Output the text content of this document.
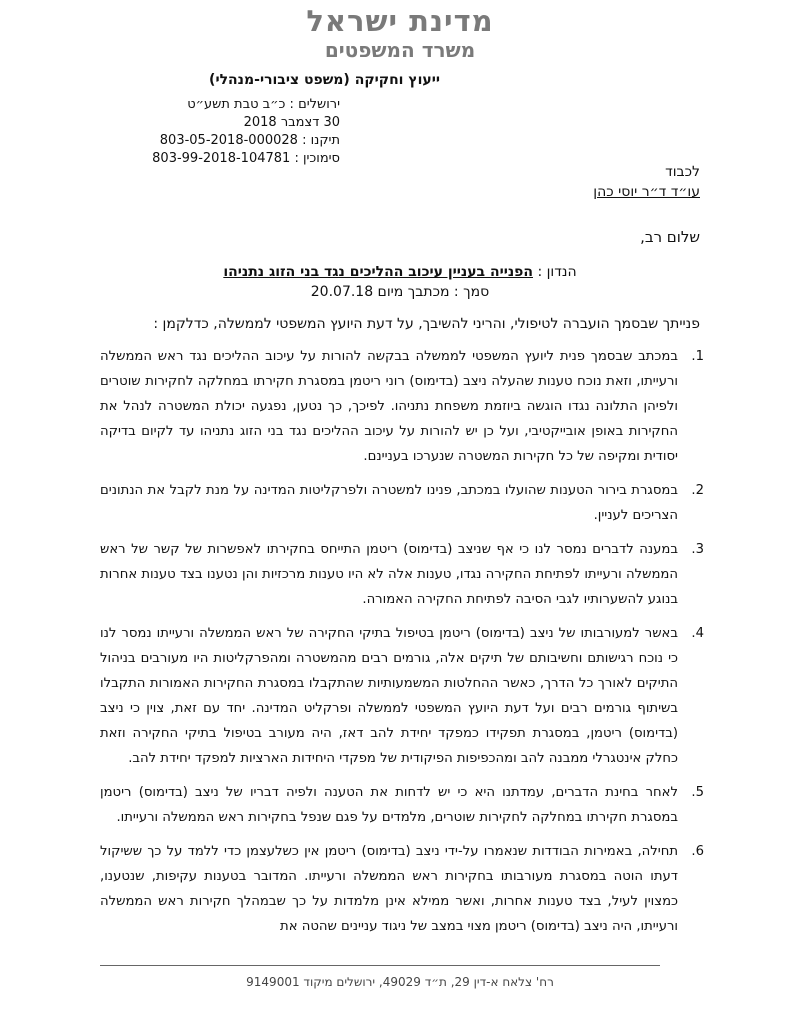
מדינת ישראל
משרד המשפטים
ייעוץ וחקיקה (משפט ציבורי-מנהלי)
ירושלים : כ״ב טבת תשע״ט
30 דצמבר 2018
תיקנו : 803-05-2018-000028
סימוכין : 803-99-2018-104781
לכבוד
עו״ד ד״ר יוסי כהן
שלום רב,
הנדון : הפנייה בעניין עיכוב ההליכים נגד בני הזוג נתניהו
סמך : מכתבך מיום 20.07.18
פנייתך שבסמך הועברה לטיפולי, והריני להשיבך, על דעת היועץ המשפטי לממשלה, כדלקמן :
1.
במכתב שבסמך פנית ליועץ המשפטי לממשלה בבקשה להורות על עיכוב ההליכים נגד ראש הממשלה ורעייתו, וזאת נוכח טענות שהעלה ניצב (בדימוס) רוני ריטמן במסגרת חקירתו במחלקה לחקירות שוטרים ולפיהן התלונה נגדו הוגשה ביוזמת משפחת נתניהו. לפיכך, כך נטען, נפגעה יכולת המשטרה לנהל את החקירות באופן אובייקטיבי, ועל כן יש להורות על עיכוב ההליכים נגד בני הזוג נתניהו עד לקיום בדיקה יסודית ומקיפה של כל חקירות המשטרה שנערכו בעניינם.
2.
במסגרת בירור הטענות שהועלו במכתב, פנינו למשטרה ולפרקליטות המדינה על מנת לקבל את הנתונים הצריכים לעניין.
3.
במענה לדברים נמסר לנו כי אף שניצב (בדימוס) ריטמן התייחס בחקירתו לאפשרות של קשר של ראש הממשלה ורעייתו לפתיחת החקירה נגדו, טענות אלה לא היו טענות מרכזיות והן נטענו בצד טענות אחרות בנוגע להשערותיו לגבי הסיבה לפתיחת החקירה האמורה.
4.
באשר למעורבותו של ניצב (בדימוס) ריטמן בטיפול בתיקי החקירה של ראש הממשלה ורעייתו נמסר לנו כי נוכח רגישותם וחשיבותם של תיקים אלה, גורמים רבים מהמשטרה ומהפרקליטות היו מעורבים בניהול התיקים לאורך כל הדרך, כאשר ההחלטות המשמעותיות שהתקבלו במסגרת החקירות האמורות התקבלו בשיתוף גורמים רבים ועל דעת היועץ המשפטי לממשלה ופרקליט המדינה. יחד עם זאת, צוין כי ניצב (בדימוס) ריטמן, במסגרת תפקידו כמפקד יחידת להב דאז, היה מעורב בטיפול בתיקי החקירה וזאת כחלק אינטגרלי ממבנה להב ומהכפיפות הפיקודית של מפקדי היחידות הארציות למפקד יחידת להב.
5.
לאחר בחינת הדברים, עמדתנו היא כי יש לדחות את הטענה ולפיה דבריו של ניצב (בדימוס) ריטמן במסגרת חקירתו במחלקה לחקירות שוטרים, מלמדים על פגם שנפל בחקירות ראש הממשלה ורעייתו.
6.
תחילה, באמירות הבודדות שנאמרו על-ידי ניצב (בדימוס) ריטמן אין כשלעצמן כדי ללמד על כך ששיקול דעתו הוטה במסגרת מעורבותו בחקירות ראש הממשלה ורעייתו. המדובר בטענות עקיפות, שנטענו, כמצוין לעיל, בצד טענות אחרות, ואשר ממילא אינן מלמדות על כך שבמהלך חקירות ראש הממשלה ורעייתו, היה ניצב (בדימוס) ריטמן מצוי במצב של ניגוד עניינים שהטה את
רח' צלאח א-דין 29, ת״ד 49029, ירושלים מיקוד 9149001
